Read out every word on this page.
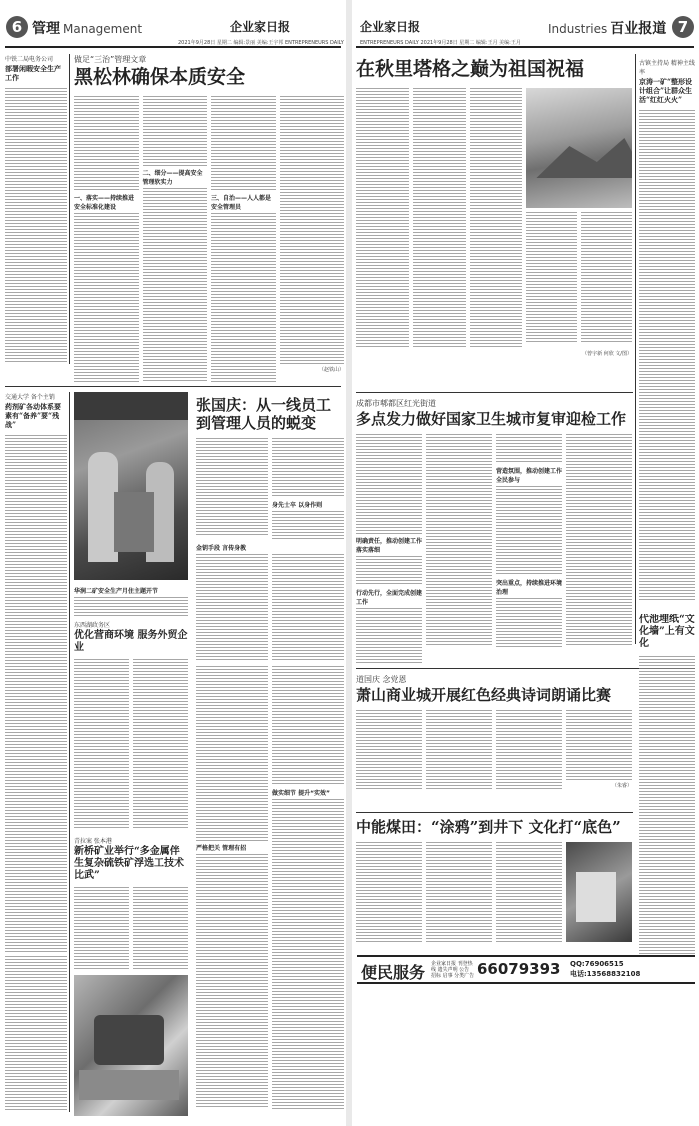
6 管理 Management	企业家日报
2021年9月28日 星期二 编辑:景丽 美编:王宇邦 ENTREPRENEURS DAILY
中铁二局电务公司
部署闲暇安全生产工作
做足“三治”管理文章
黑松林确保本质安全
一、落实——持续推进安全标准化建设
二、细分——提高安全管理软实力
三、自治——人人都是安全管理员
（赵铁山）
交通大学 备个主销
药剂矿各动体系要素有“备养”要“残战”
华润二矿安全生产月住主题开节
张国庆：从一线员工到管理人员的蜕变
身先士卒 以身作则
金钥手段 言传身教
东西湖政务区
优化营商环境 服务外贸企业
严格把关 管理有招
做实细节 提升“实效”
青拉案 张本港
新桥矿业举行“多金属伴生复杂硫铁矿浮选工技术比武”
企业家日报
ENTREPRENEURS DAILY 2021年9月28日 星期二 编辑:王月 美编:王月
Industries 百业报道 7
在秋里塔格之巅为祖国祝福
（曾宇新 何欣 文/图）
古镇主持局 精神主线率
京涛一矿“整形设计组合”让群众生活“红红火火”
成都市郫都区红光街道
多点发力做好国家卫生城市复审迎检工作
明确责任，推动创建工作落实落细
行动先行，全面完成创建工作
营造氛围，推动创建工作全民参与
突出重点，持续推进环境治理
代池埋纸“文化墙”上有文化
道国庆 念党恩
萧山商业城开展红色经典诗词朗诵比赛
（朱睿）
中能煤田：“涂鸦”到井下 文化打“底色”
便民服务 企业家日报 刊登热线 遗失声明 公告 招标 启事 分类广告 66079393 QQ:76906515
电话:13568832108
